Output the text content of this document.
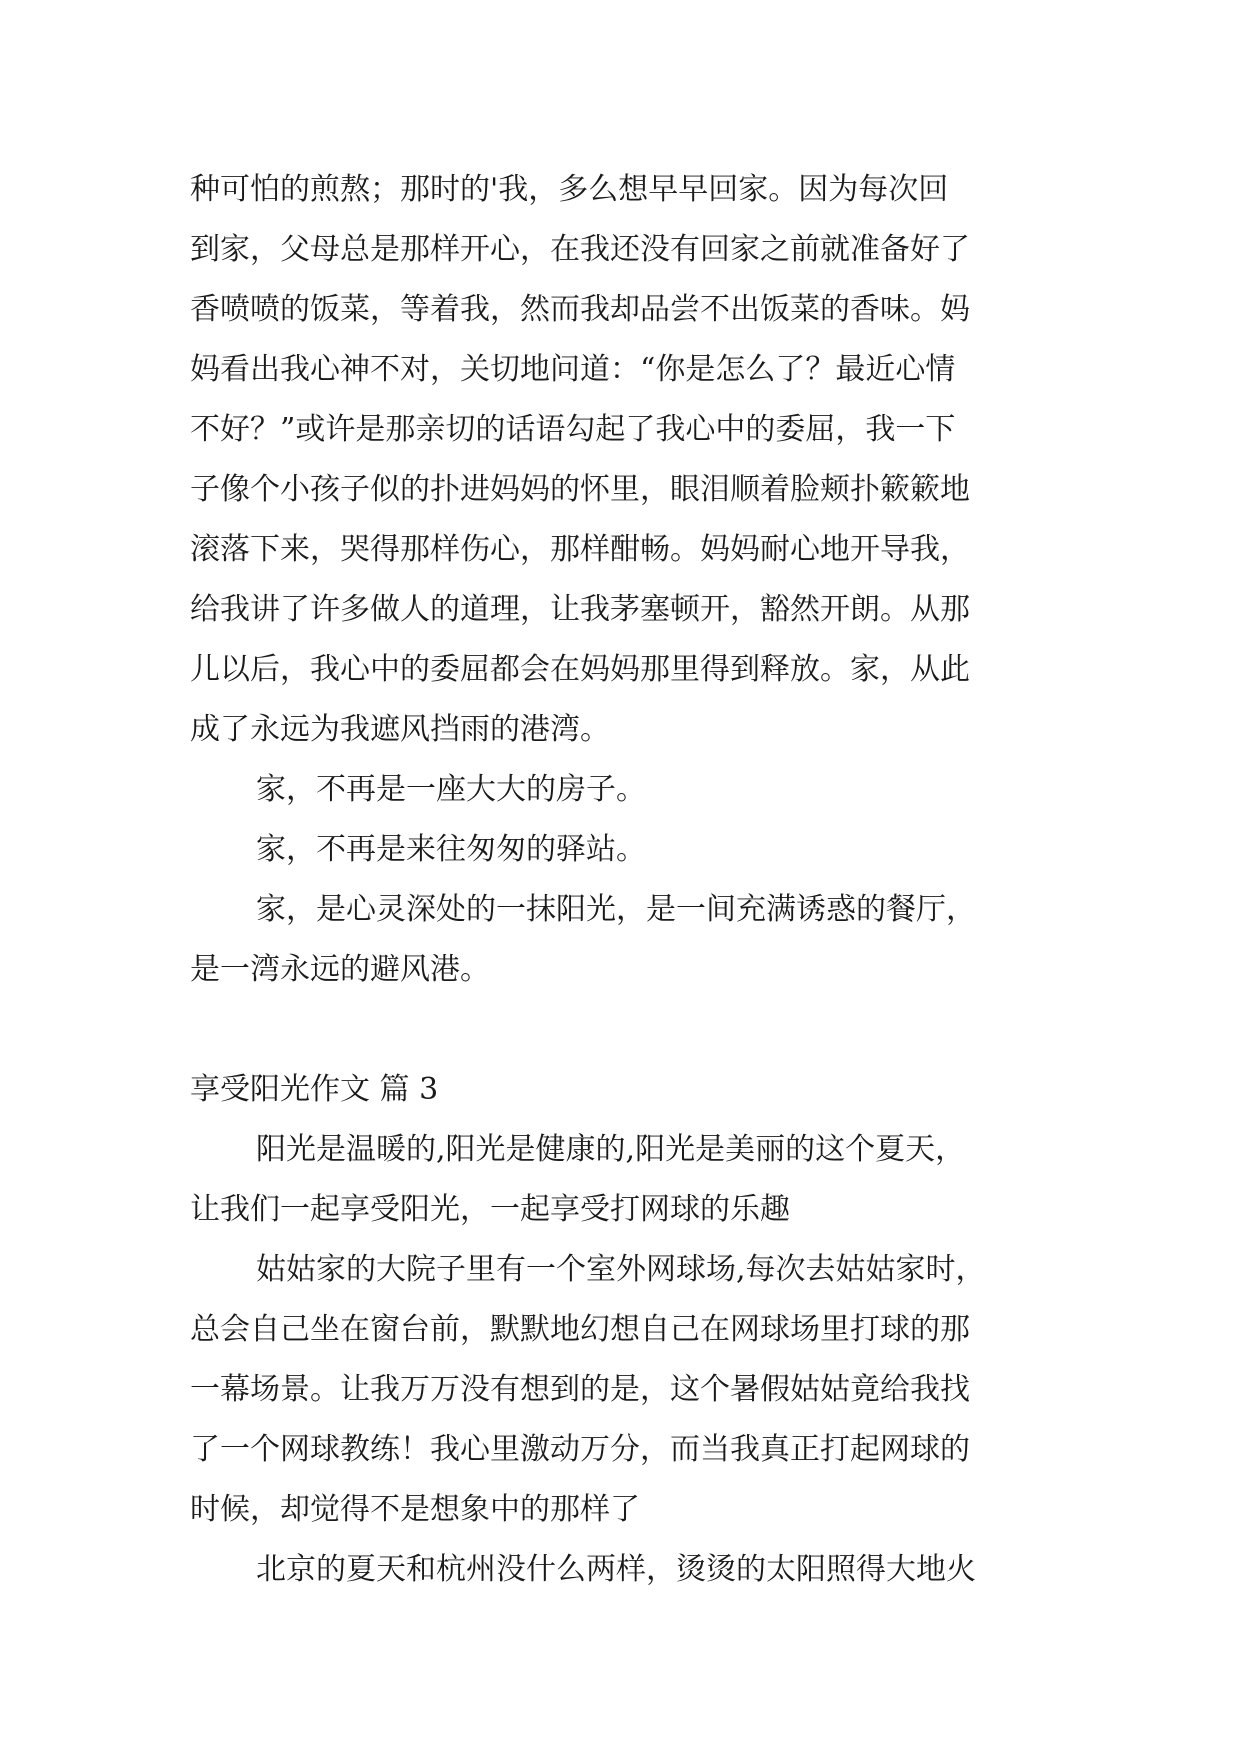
种可怕的煎熬；那时的'我，多么想早早回家。因为每次回
到家，父母总是那样开心，在我还没有回家之前就准备好了
香喷喷的饭菜，等着我，然而我却品尝不出饭菜的香味。妈
妈看出我心神不对，关切地问道：“你是怎么了？最近心情
不好？”或许是那亲切的话语勾起了我心中的委屈，我一下
子像个小孩子似的扑进妈妈的怀里，眼泪顺着脸颊扑簌簌地
滚落下来，哭得那样伤心，那样酣畅。妈妈耐心地开导我，
给我讲了许多做人的道理，让我茅塞顿开，豁然开朗。从那
儿以后，我心中的委屈都会在妈妈那里得到释放。家，从此
成了永远为我遮风挡雨的港湾。
家，不再是一座大大的房子。
家，不再是来往匆匆的驿站。
家，是心灵深处的一抹阳光，是一间充满诱惑的餐厅，
是一湾永远的避风港。
享受阳光作文 篇 3
阳光是温暖的,阳光是健康的,阳光是美丽的这个夏天，
让我们一起享受阳光，一起享受打网球的乐趣
姑姑家的大院子里有一个室外网球场,每次去姑姑家时，
总会自己坐在窗台前，默默地幻想自己在网球场里打球的那
一幕场景。让我万万没有想到的是，这个暑假姑姑竟给我找
了一个网球教练！我心里激动万分，而当我真正打起网球的
时候，却觉得不是想象中的那样了
北京的夏天和杭州没什么两样，烫烫的太阳照得大地火
